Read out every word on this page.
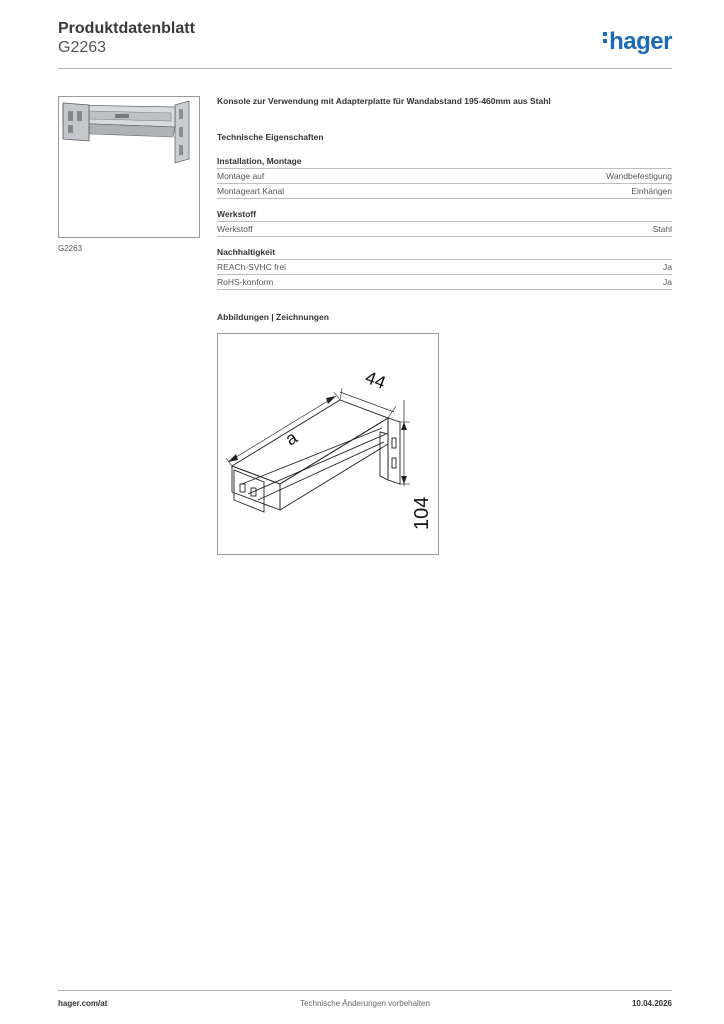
Produktdatenblatt
G2263	hager
G2263

Konsole zur Verwendung mit Adapterplatte für Wandabstand 195-460mm aus Stahl

Technische Eigenschaften

Installation, Montage

Montage auf	Wandbefestigung
Montageart Kanal	Einhängen

Werkstoff

Werkstoff	Stahl

Nachhaltigkeit

REACh-SVHC frei	Ja
RoHS-konform	Ja

Abbildungen | Zeichnungen

a
44
104
Technische Änderungen vorbehalten
hager.com/at	10.04.2026
